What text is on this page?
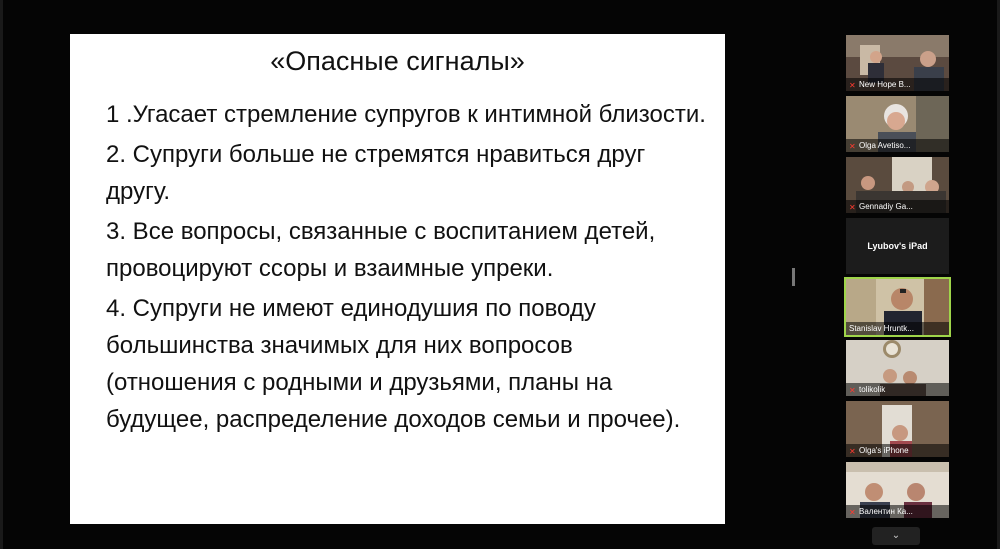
«Опасные сигналы»
1 .Угасает стремление супругов к интимной близости.
2. Супруги больше не стремятся нравиться друг другу.
3. Все вопросы, связанные с воспитанием детей, провоцируют ссоры и взаимные упреки.
4. Супруги не имеют единодушия по поводу большинства значимых для них вопросов (отношения с родными и друзьями, планы на будущее, распределение доходов семьи и прочее).
✕ New Hope B...
✕ Olga Avetiso...
✕ Gennadiy Ga...
Lyubov's iPad
Stanislav Hruntk...
✕ tolikolik
✕ Olga's iPhone
✕ Валентин Ка...
⌄
